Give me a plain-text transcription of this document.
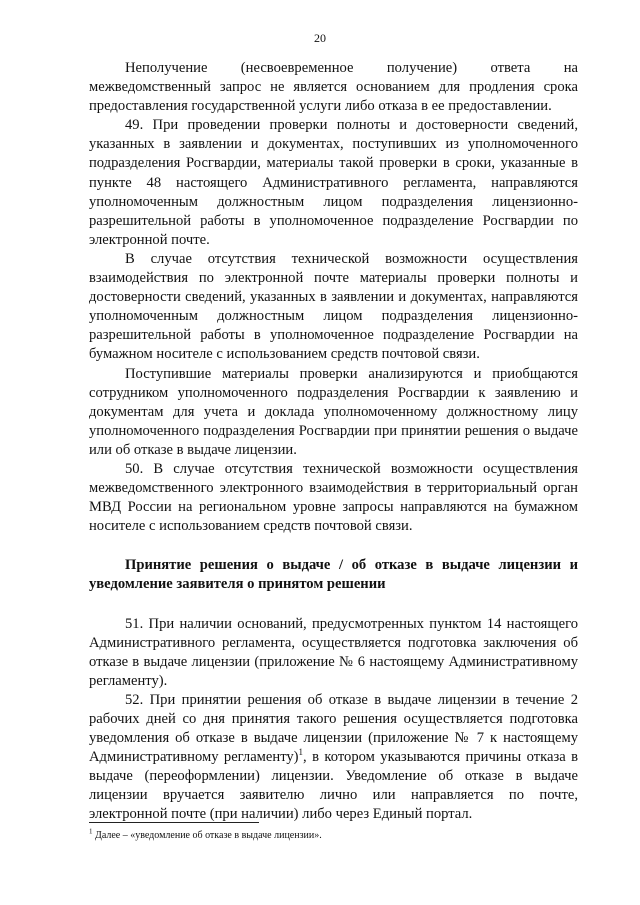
20

Неполучение (несвоевременное получение) ответа на межведомственный запрос не является основанием для продления срока предоставления государственной услуги либо отказа в ее предоставлении.

49. При проведении проверки полноты и достоверности сведений, указанных в заявлении и документах, поступивших из уполномоченного подразделения Росгвардии, материалы такой проверки в сроки, указанные в пункте 48 настоящего Административного регламента, направляются уполномоченным должностным лицом подразделения лицензионно-разрешительной работы в уполномоченное подразделение Росгвардии по электронной почте.

В случае отсутствия технической возможности осуществления взаимодействия по электронной почте материалы проверки полноты и достоверности сведений, указанных в заявлении и документах, направляются уполномоченным должностным лицом подразделения лицензионно-разрешительной работы в уполномоченное подразделение Росгвардии на бумажном носителе с использованием средств почтовой связи.

Поступившие материалы проверки анализируются и приобщаются сотрудником уполномоченного подразделения Росгвардии к заявлению и документам для учета и доклада уполномоченному должностному лицу уполномоченного подразделения Росгвардии при принятии решения о выдаче или об отказе в выдаче лицензии.

50. В случае отсутствия технической возможности осуществления межведомственного электронного взаимодействия в территориальный орган МВД России на региональном уровне запросы направляются на бумажном носителе с использованием средств почтовой связи.

Принятие решения о выдаче / об отказе в выдаче лицензии и уведомление заявителя о принятом решении

51. При наличии оснований, предусмотренных пунктом 14 настоящего Административного регламента, осуществляется подготовка заключения об отказе в выдаче лицензии (приложение № 6 настоящему Административному регламенту).

52. При принятии решения об отказе в выдаче лицензии в течение 2 рабочих дней со дня принятия такого решения осуществляется подготовка уведомления об отказе в выдаче лицензии (приложение № 7 к настоящему Административному регламенту)$^1$, в котором указываются причины отказа в выдаче (переоформлении) лицензии. Уведомление об отказе в выдаче лицензии вручается заявителю лично или направляется по почте, электронной почте (при наличии) либо через Единый портал.

$^1$ Далее – «уведомление об отказе в выдаче лицензии».
